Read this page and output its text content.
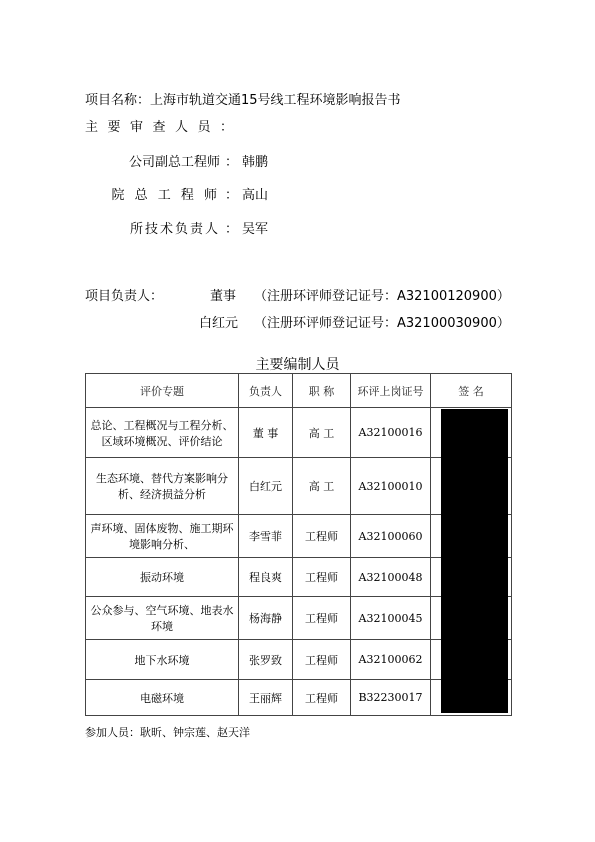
项目名称：上海市轨道交通15号线工程环境影响报告书
主要审查人员：
公司副总工程师 ： 韩鹏
院 总 工 程 师 ： 高山
所技术负责人 ： 吴军
项目负责人：	董事 （注册环评师登记证号：A32100120900）
白红元 （注册环评师登记证号：A32100030900）
主要编制人员
评价专题	负责人	职 称	环评上岗证号	签 名
总论、工程概况与工程分析、区域环境概况、评价结论	董 事	高 工	A32100016	
生态环境、替代方案影响分析、经济损益分析	白红元	高 工	A32100010	
声环境、固体废物、施工期环境影响分析、	李雪菲	工程师	A32100060	
振动环境	程良爽	工程师	A32100048	
公众参与、空气环境、地表水环境	杨海静	工程师	A32100045	
地下水环境	张罗致	工程师	A32100062	
电磁环境	王丽辉	工程师	B32230017	
参加人员：耿昕、钟宗莲、赵天洋
